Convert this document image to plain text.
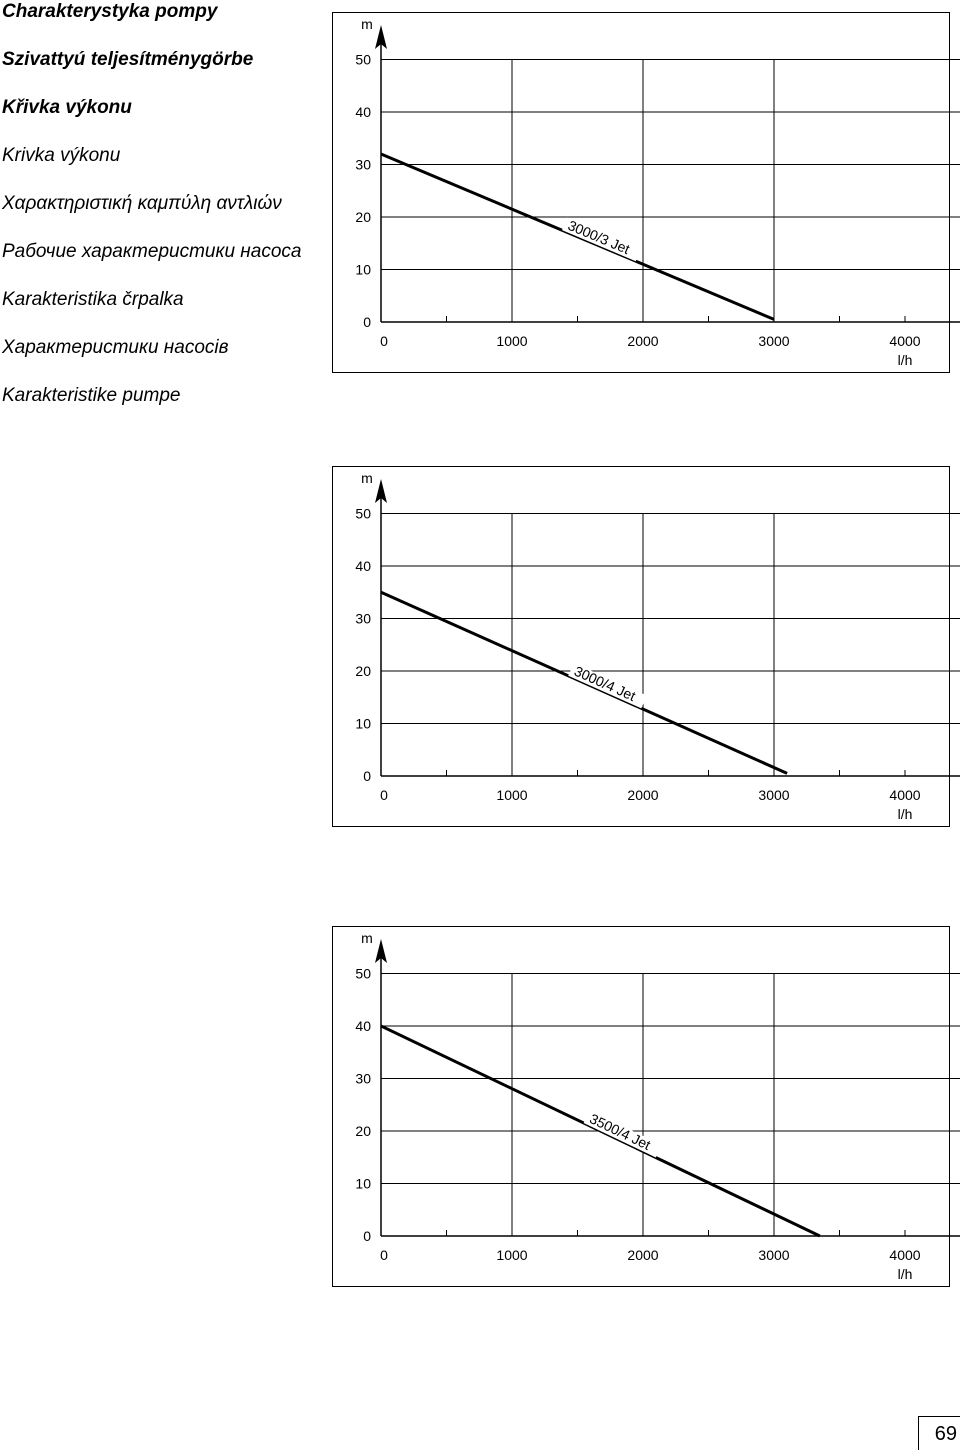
Charakterystyka pompy
Szivattyú teljesítménygörbe
Křivka výkonu
Krivka výkonu
Χαρακτηριστική καμπύλη αντλιών
Рабочие характеристики насоса
Karakteristika črpalka
Характеристики насосів
Karakteristike pumpe
0
10
20
30
40
50
m
0	1000	2000	3000	4000
l/h
3000/3 Jet
0
10
20
30
40
50
m
0	1000	2000	3000	4000
l/h
3000/4 Jet
0
10
20
30
40
50
m
0	1000	2000	3000	4000
l/h
3500/4 Jet
69
